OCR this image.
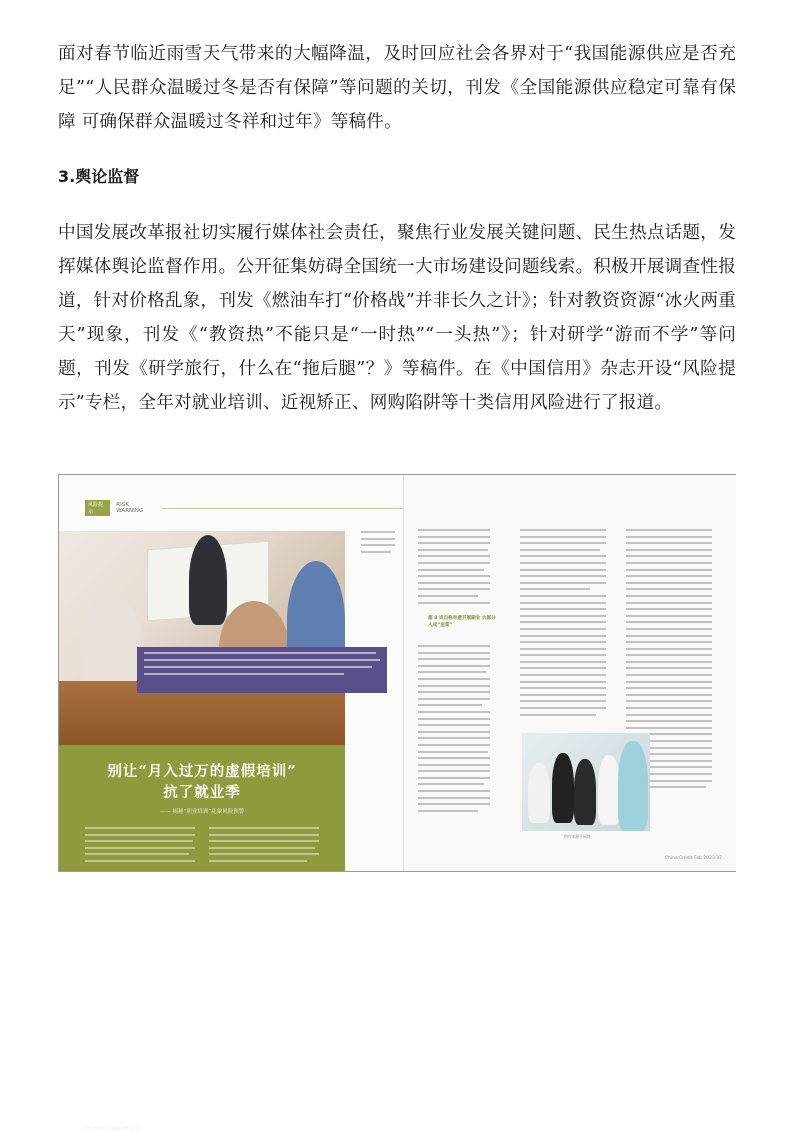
面对春节临近雨雪天气带来的大幅降温，及时回应社会各界对于“我国能源供应是否充足”“人民群众温暖过冬是否有保障”等问题的关切，刊发《全国能源供应稳定可靠有保障 可确保群众温暖过冬祥和过年》等稿件。
3.舆论监督
中国发展改革报社切实履行媒体社会责任，聚焦行业发展关键问题、民生热点话题，发挥媒体舆论监督作用。公开征集妨碍全国统一大市场建设问题线索。积极开展调查性报道，针对价格乱象，刊发《燃油车打“价格战”并非长久之计》；针对教资资源“冰火两重天”现象，刊发《“教资热”不能只是“一时热”“一头热”》；针对研学“游而不学”等问题，刊发《研学旅行，什么在“拖后腿”？》等稿件。在《中国信用》杂志开设“风险提示”专栏，全年对就业培训、近视矫正、网购陷阱等十类信用风险进行了报道。
风险提示
RISK WARNING
别让“月入过万的虚假培训”
抗了就业季
—— 揭秘“职业培训”乱象风险预警
36 中国信用 2023 年 2 月
超 8 成自称有意开展副业 大部分人成“韭菜”
图片来源于网络
China Credit Feb 2023 37
